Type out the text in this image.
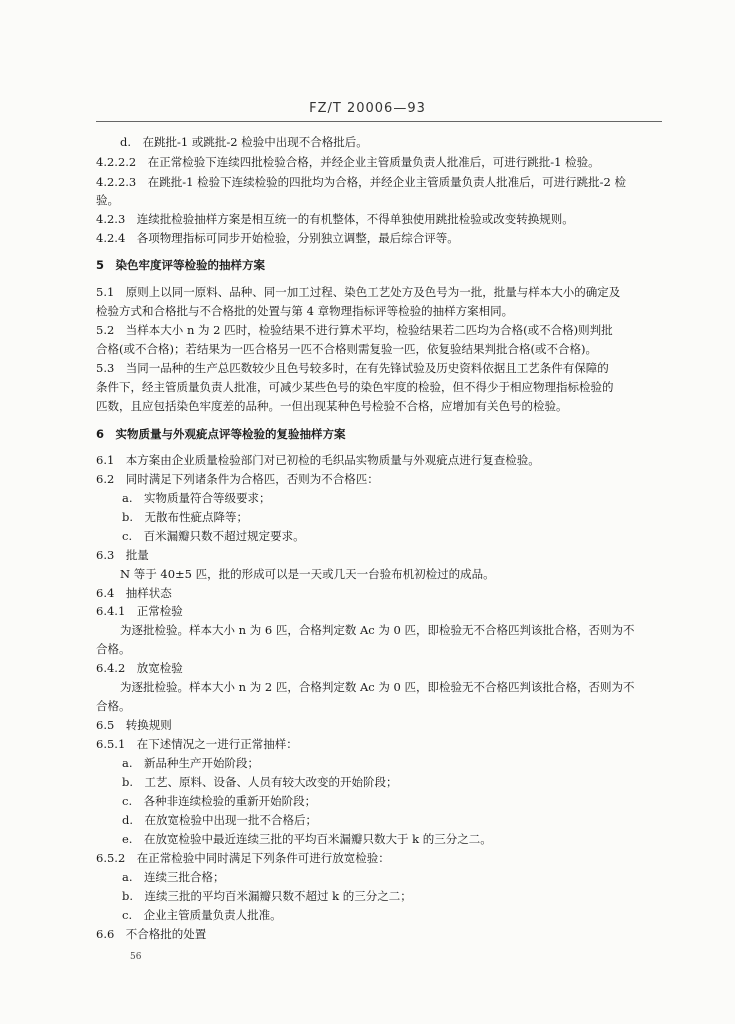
FZ/T 20006—93
d.　在跳批-1 或跳批-2 检验中出现不合格批后。
4.2.2.2　在正常检验下连续四批检验合格，并经企业主管质量负责人批准后，可进行跳批-1 检验。
4.2.2.3　在跳批-1 检验下连续检验的四批均为合格，并经企业主管质量负责人批准后，可进行跳批-2 检
验。
4.2.3　连续批检验抽样方案是相互统一的有机整体，不得单独使用跳批检验或改变转换规则。
4.2.4　各项物理指标可同步开始检验，分别独立调整，最后综合评等。
5　染色牢度评等检验的抽样方案
5.1　原则上以同一原料、品种、同一加工过程、染色工艺处方及色号为一批，批量与样本大小的确定及
检验方式和合格批与不合格批的处置与第 4 章物理指标评等检验的抽样方案相同。
5.2　当样本大小 n 为 2 匹时，检验结果不进行算术平均，检验结果若二匹均为合格(或不合格)则判批
合格(或不合格)；若结果为一匹合格另一匹不合格则需复验一匹，依复验结果判批合格(或不合格)。
5.3　当同一品种的生产总匹数较少且色号较多时，在有先锋试验及历史资料依据且工艺条件有保障的
条件下，经主管质量负责人批准，可减少某些色号的染色牢度的检验，但不得少于相应物理指标检验的
匹数，且应包括染色牢度差的品种。一但出现某种色号检验不合格，应增加有关色号的检验。
6　实物质量与外观疵点评等检验的复验抽样方案
6.1　本方案由企业质量检验部门对已初检的毛织品实物质量与外观疵点进行复查检验。
6.2　同时满足下列诸条件为合格匹，否则为不合格匹：
a.　实物质量符合等级要求；
b.　无散布性疵点降等；
c.　百米漏瓣只数不超过规定要求。
6.3　批量
N 等于 40±5 匹，批的形成可以是一天或几天一台验布机初检过的成品。
6.4　抽样状态
6.4.1　正常检验
为逐批检验。样本大小 n 为 6 匹，合格判定数 Ac 为 0 匹，即检验无不合格匹判该批合格，否则为不
合格。
6.4.2　放宽检验
为逐批检验。样本大小 n 为 2 匹，合格判定数 Ac 为 0 匹，即检验无不合格匹判该批合格，否则为不
合格。
6.5　转换规则
6.5.1　在下述情况之一进行正常抽样：
a.　新品种生产开始阶段；
b.　工艺、原料、设备、人员有较大改变的开始阶段；
c.　各种非连续检验的重新开始阶段；
d.　在放宽检验中出现一批不合格后；
e.　在放宽检验中最近连续三批的平均百米漏瓣只数大于 k 的三分之二。
6.5.2　在正常检验中同时满足下列条件可进行放宽检验：
a.　连续三批合格；
b.　连续三批的平均百米漏瓣只数不超过 k 的三分之二；
c.　企业主管质量负责人批准。
6.6　不合格批的处置
56
